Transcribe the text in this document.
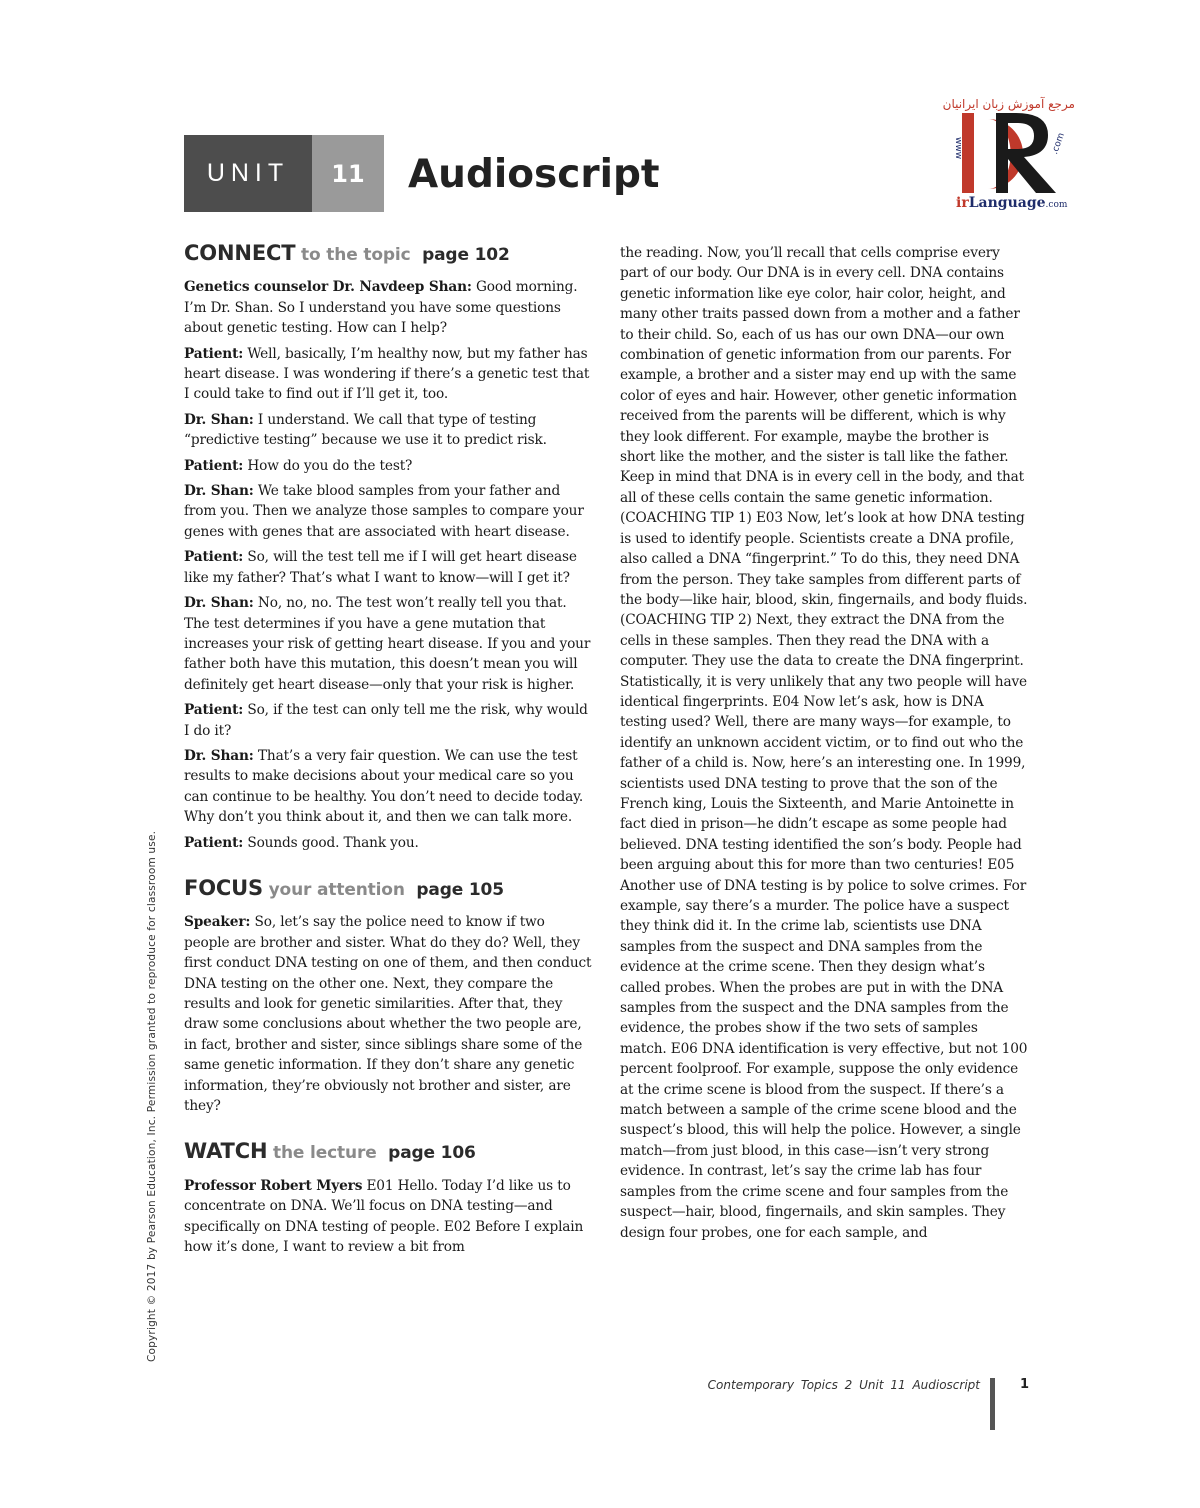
UNIT	11	Audioscript
مرجع آموزش زبان ایرانیان
www	.com
irLanguage.com
Copyright © 2017 by Pearson Education, Inc. Permission granted to reproduce for classroom use.
CONNECT to the topic page 102

Genetics counselor Dr. Navdeep Shan: Good morning. I’m Dr. Shan. So I understand you have some questions about genetic testing. How can I help?

Patient: Well, basically, I’m healthy now, but my father has heart disease. I was wondering if there’s a genetic test that I could take to find out if I’ll get it, too.

Dr. Shan: I understand. We call that type of testing “predictive testing” because we use it to predict risk.

Patient: How do you do the test?

Dr. Shan: We take blood samples from your father and from you. Then we analyze those samples to compare your genes with genes that are associated with heart disease.

Patient: So, will the test tell me if I will get heart disease like my father? That’s what I want to know—will I get it?

Dr. Shan: No, no, no. The test won’t really tell you that. The test determines if you have a gene mutation that increases your risk of getting heart disease. If you and your father both have this mutation, this doesn’t mean you will definitely get heart disease—only that your risk is higher.

Patient: So, if the test can only tell me the risk, why would I do it?

Dr. Shan: That’s a very fair question. We can use the test results to make decisions about your medical care so you can continue to be healthy. You don’t need to decide today. Why don’t you think about it, and then we can talk more.

Patient: Sounds good. Thank you.

FOCUS your attention page 105

Speaker: So, let’s say the police need to know if two people are brother and sister. What do they do? Well, they first conduct DNA testing on one of them, and then conduct DNA testing on the other one. Next, they compare the results and look for genetic similarities. After that, they draw some conclusions about whether the two people are, in fact, brother and sister, since siblings share some of the same genetic information. If they don’t share any genetic information, they’re obviously not brother and sister, are they?

WATCH the lecture page 106

Professor Robert Myers E01 Hello. Today I’d like us to concentrate on DNA. We’ll focus on DNA testing—and specifically on DNA testing of people. E02 Before I explain how it’s done, I want to review a bit from

the reading. Now, you’ll recall that cells comprise every part of our body. Our DNA is in every cell. DNA contains genetic information like eye color, hair color, height, and many other traits passed down from a mother and a father to their child. So, each of us has our own DNA—our own combination of genetic information from our parents. For example, a brother and a sister may end up with the same color of eyes and hair. However, other genetic information received from the parents will be different, which is why they look different. For example, maybe the brother is short like the mother, and the sister is tall like the father. Keep in mind that DNA is in every cell in the body, and that all of these cells contain the same genetic information. (COACHING TIP 1) E03 Now, let’s look at how DNA testing is used to identify people. Scientists create a DNA profile, also called a DNA “fingerprint.” To do this, they need DNA from the person. They take samples from different parts of the body—like hair, blood, skin, fingernails, and body fluids. (COACHING TIP 2) Next, they extract the DNA from the cells in these samples. Then they read the DNA with a computer. They use the data to create the DNA fingerprint. Statistically, it is very unlikely that any two people will have identical fingerprints. E04 Now let’s ask, how is DNA testing used? Well, there are many ways—for example, to identify an unknown accident victim, or to find out who the father of a child is. Now, here’s an interesting one. In 1999, scientists used DNA testing to prove that the son of the French king, Louis the Sixteenth, and Marie Antoinette in fact died in prison—he didn’t escape as some people had believed. DNA testing identified the son’s body. People had been arguing about this for more than two centuries! E05 Another use of DNA testing is by police to solve crimes. For example, say there’s a murder. The police have a suspect they think did it. In the crime lab, scientists use DNA samples from the suspect and DNA samples from the evidence at the crime scene. Then they design what’s called probes. When the probes are put in with the DNA samples from the suspect and the DNA samples from the evidence, the probes show if the two sets of samples match. E06 DNA identification is very effective, but not 100 percent foolproof. For example, suppose the only evidence at the crime scene is blood from the suspect. If there’s a match between a sample of the crime scene blood and the suspect’s blood, this will help the police. However, a single match—from just blood, in this case—isn’t very strong evidence. In contrast, let’s say the crime lab has four samples from the crime scene and four samples from the suspect—hair, blood, fingernails, and skin samples. They design four probes, one for each sample, and

Contemporary Topics 2 Unit 11 Audioscript	1
